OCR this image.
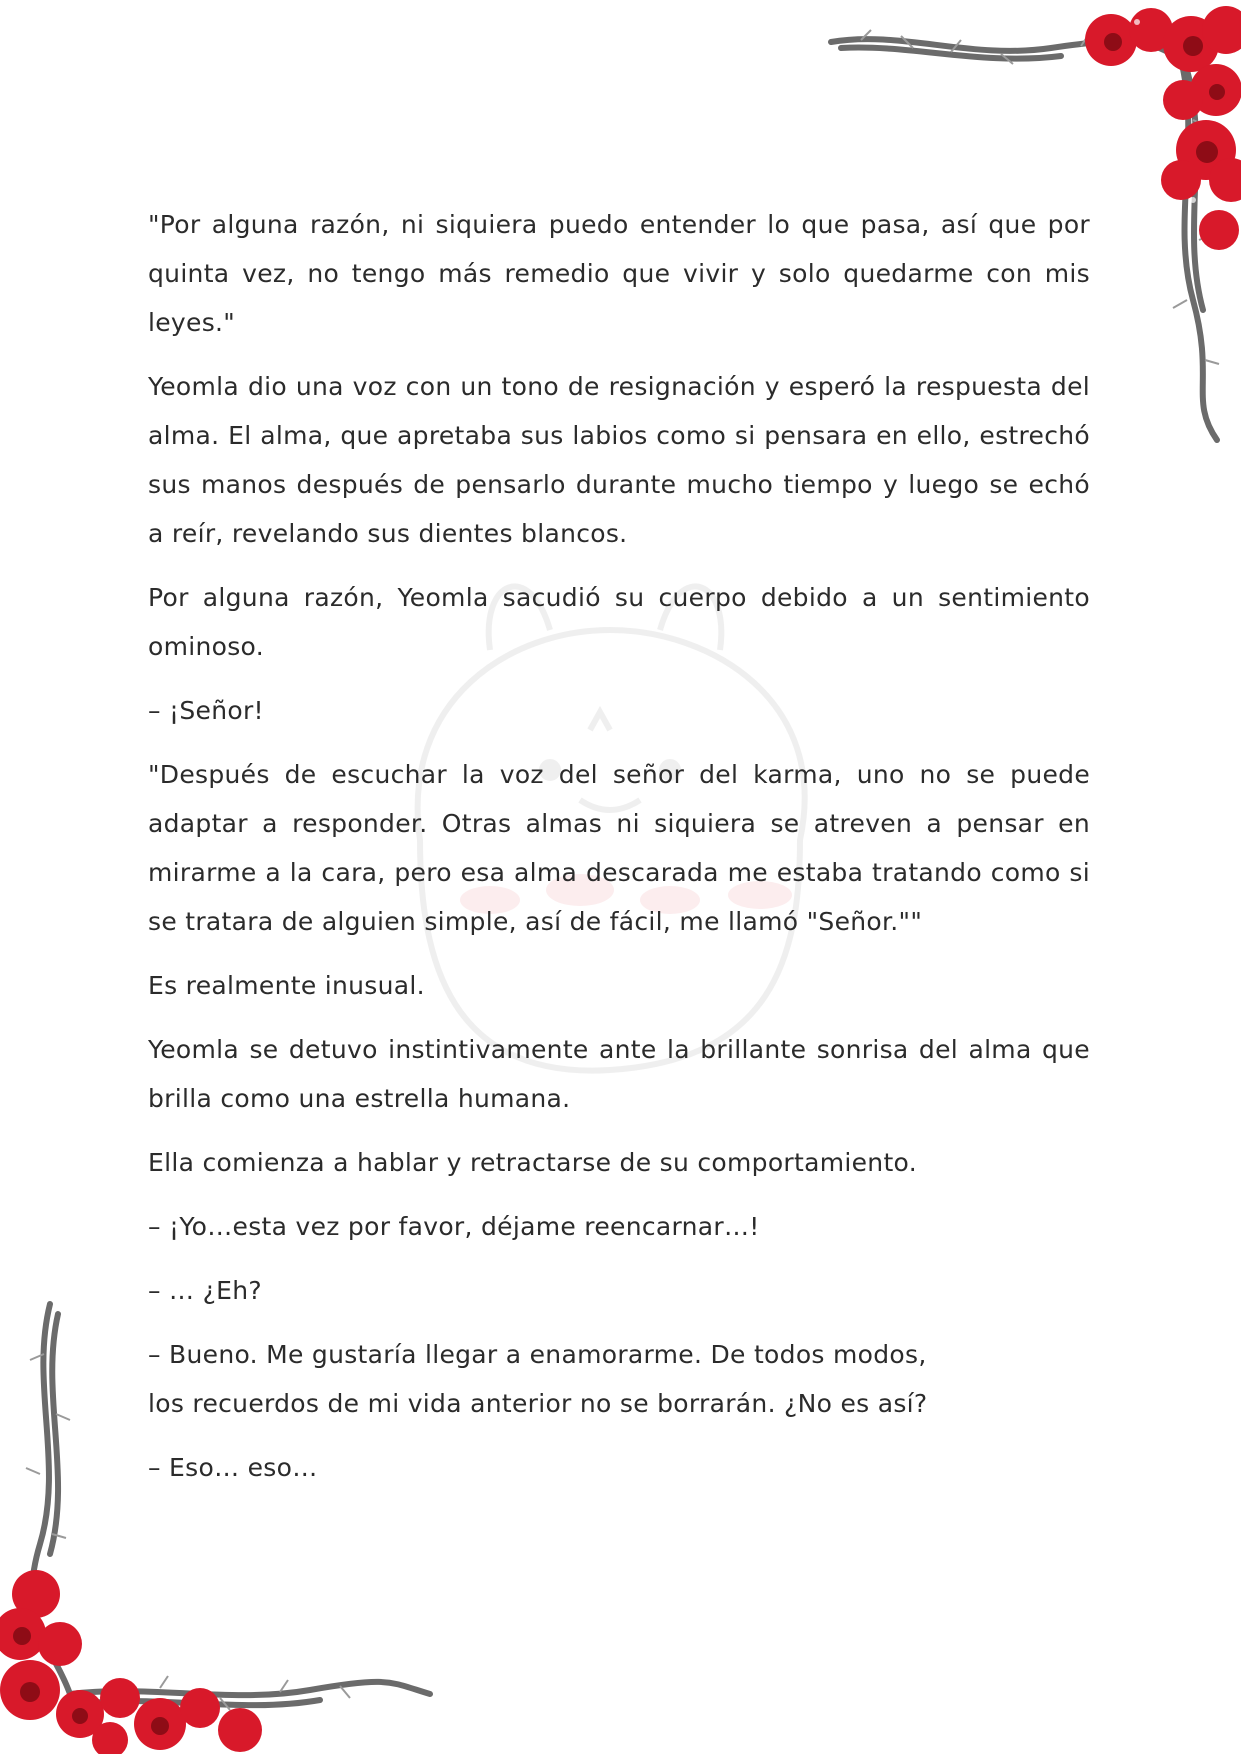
"Por alguna razón, ni siquiera puedo entender lo que pasa, así que por quinta vez, no tengo más remedio que vivir y solo quedarme con mis leyes."

Yeomla dio una voz con un tono de resignación y esperó la respuesta del alma. El alma, que apretaba sus labios como si pensara en ello, estrechó sus manos después de pensarlo durante mucho tiempo y luego se echó a reír, revelando sus dientes blancos.

Por alguna razón, Yeomla sacudió su cuerpo debido a un sentimiento ominoso.

– ¡Señor!

"Después de escuchar la voz del señor del karma, uno no se puede adaptar a responder. Otras almas ni siquiera se atreven a pensar en mirarme a la cara, pero esa alma descarada me estaba tratando como si se tratara de alguien simple, así de fácil, me llamó "Señor.""

Es realmente inusual.

Yeomla se detuvo instintivamente ante la brillante sonrisa del alma que brilla como una estrella humana.

Ella comienza a hablar y retractarse de su comportamiento.

– ¡Yo…esta vez por favor, déjame reencarnar…!

– … ¿Eh?

– Bueno. Me gustaría llegar a enamorarme. De todos modos,

los recuerdos de mi vida anterior no se borrarán. ¿No es así?

– Eso… eso…
